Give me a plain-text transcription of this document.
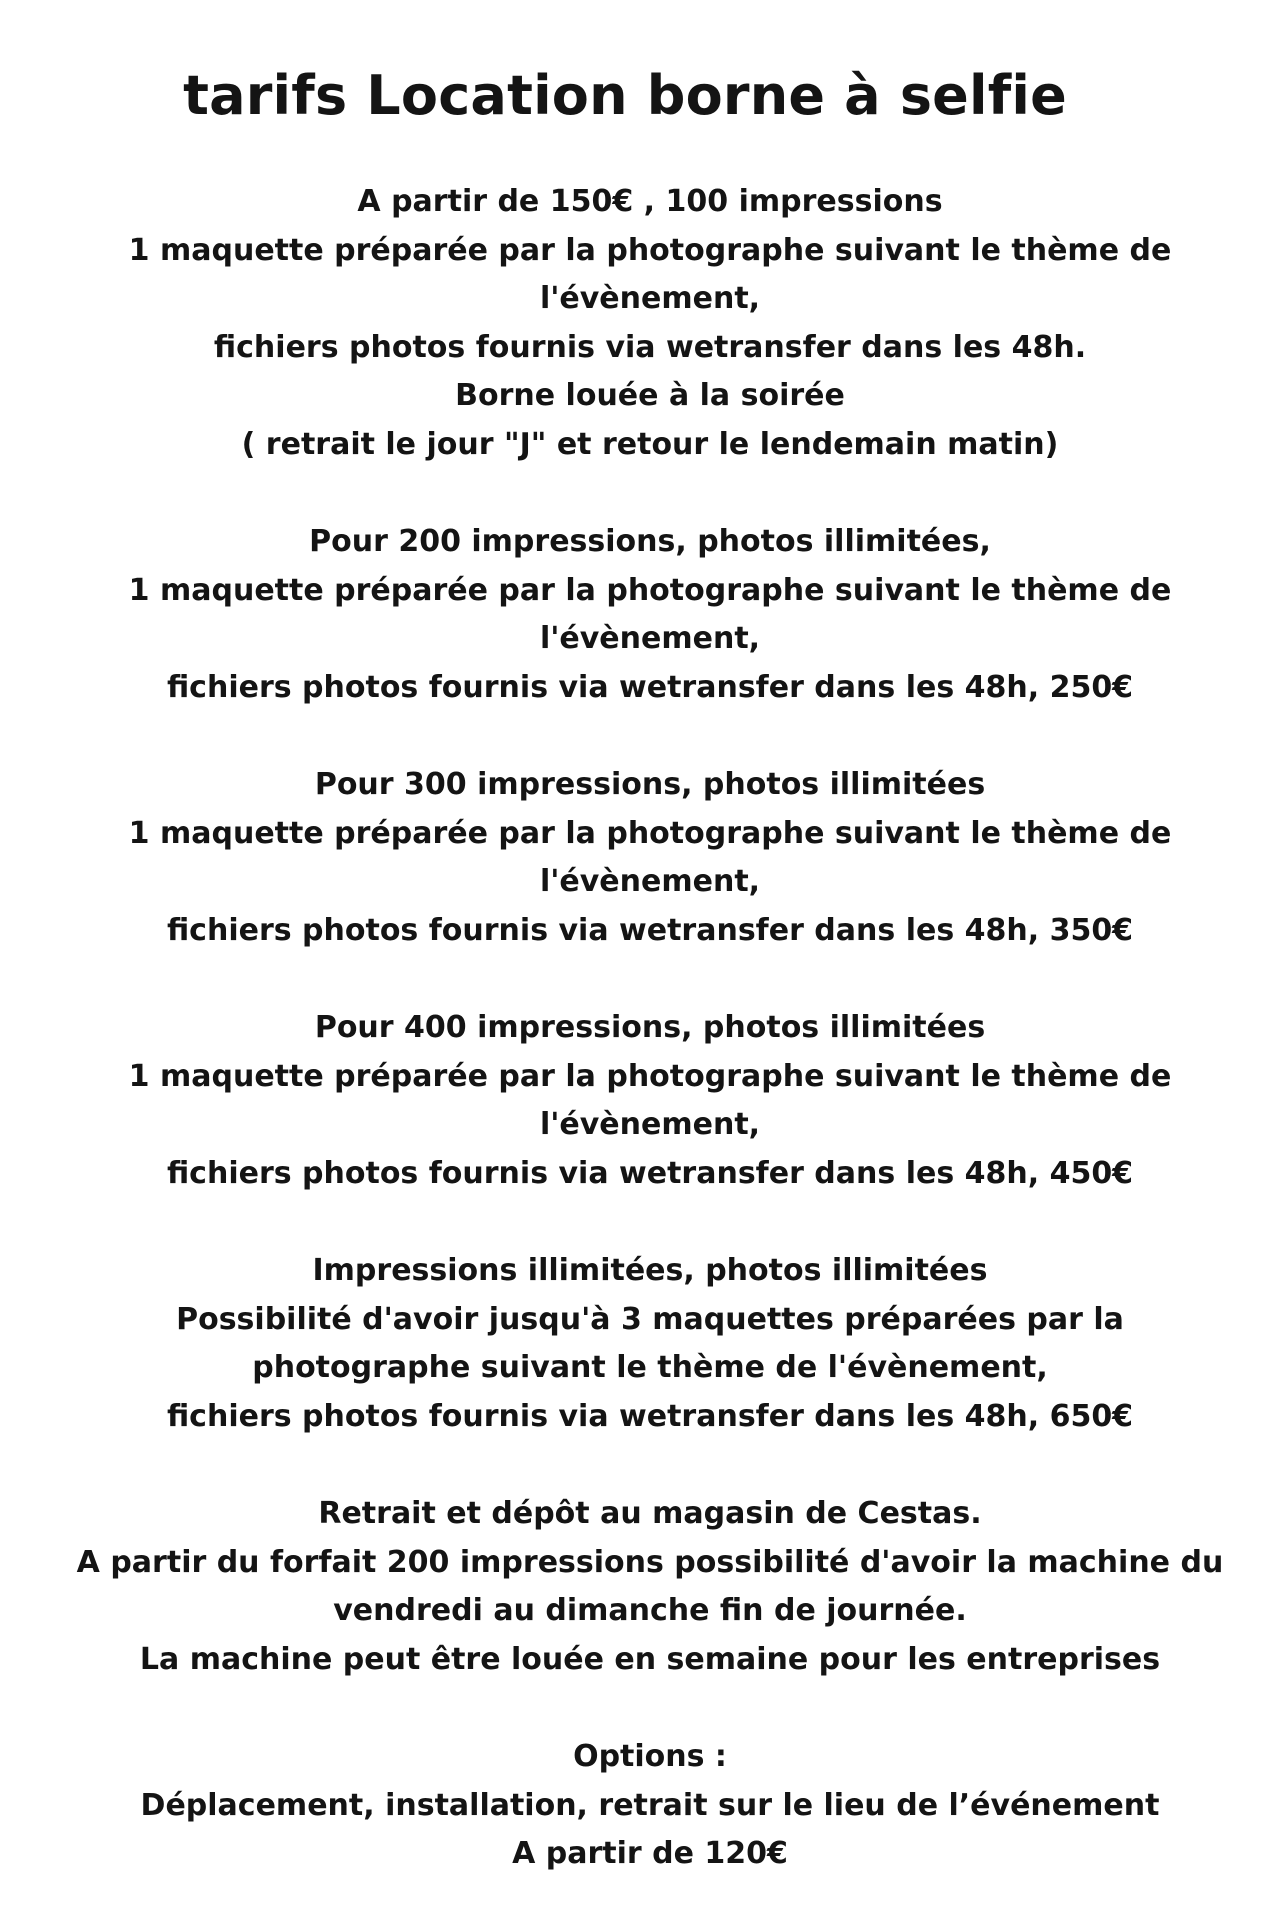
tarifs Location borne à selfie
A partir de 150€ , 100 impressions
1 maquette préparée par la photographe suivant le thème de
l'évènement,
fichiers photos fournis via wetransfer dans les 48h.
Borne louée à la soirée
( retrait le jour "J" et retour le lendemain matin)
Pour 200 impressions, photos illimitées,
1 maquette préparée par la photographe suivant le thème de
l'évènement,
fichiers photos fournis via wetransfer dans les 48h, 250€
Pour 300 impressions, photos illimitées
1 maquette préparée par la photographe suivant le thème de
l'évènement,
fichiers photos fournis via wetransfer dans les 48h, 350€
Pour 400 impressions, photos illimitées
1 maquette préparée par la photographe suivant le thème de
l'évènement,
fichiers photos fournis via wetransfer dans les 48h, 450€
Impressions illimitées, photos illimitées
Possibilité d'avoir jusqu'à 3 maquettes préparées par la
photographe suivant le thème de l'évènement,
fichiers photos fournis via wetransfer dans les 48h, 650€
Retrait et dépôt au magasin de Cestas.
A partir du forfait 200 impressions possibilité d'avoir la machine du
vendredi au dimanche fin de journée.
La machine peut être louée en semaine pour les entreprises
Options :
Déplacement, installation, retrait sur le lieu de l’événement
A partir de 120€
